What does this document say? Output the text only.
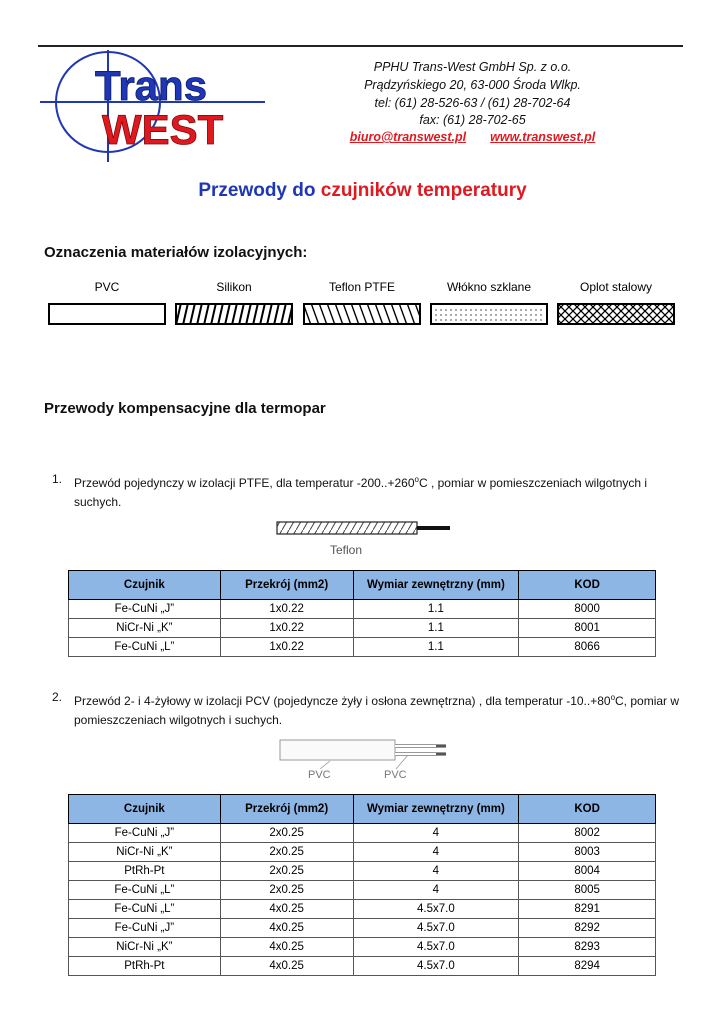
Trans
WEST
PPHU Trans-West GmbH Sp. z o.o.
Prądzyńskiego 20, 63-000 Środa Wlkp.
tel: (61) 28-526-63 / (61) 28-702-64
fax: (61) 28-702-65
biuro@transwest.pl www.transwest.pl
Przewody do czujników temperatury
Oznaczenia materiałów izolacyjnych:
PVC	Silikon	Teflon PTFE	Włókno szklane	Oplot stalowy
Przewody kompensacyjne dla termopar
1. Przewód pojedynczy w izolacji PTFE, dla temperatur $-200..+260^oC$ , pomiar w pomieszczeniach wilgotnych i suchych.
Teflon
Czujnik	Przekrój (mm2)	Wymiar zewnętrzny (mm)	KOD
Fe-CuNi „J”	1x0.22	1.1	8000
NiCr-Ni „K”	1x0.22	1.1	8001
Fe-CuNi „L”	1x0.22	1.1	8066
2. Przewód 2- i 4-żyłowy w izolacji PCV (pojedyncze żyły i osłona zewnętrzna) , dla temperatur $-10..+80^oC$, pomiar w pomieszczeniach wilgotnych i suchych.
PVC	PVC
Czujnik	Przekrój (mm2)	Wymiar zewnętrzny (mm)	KOD
Fe-CuNi „J”	2x0.25	4	8002
NiCr-Ni „K”	2x0.25	4	8003
PtRh-Pt	2x0.25	4	8004
Fe-CuNi „L”	2x0.25	4	8005
Fe-CuNi „L”	4x0.25	4.5x7.0	8291
Fe-CuNi „J”	4x0.25	4.5x7.0	8292
NiCr-Ni „K”	4x0.25	4.5x7.0	8293
PtRh-Pt	4x0.25	4.5x7.0	8294
